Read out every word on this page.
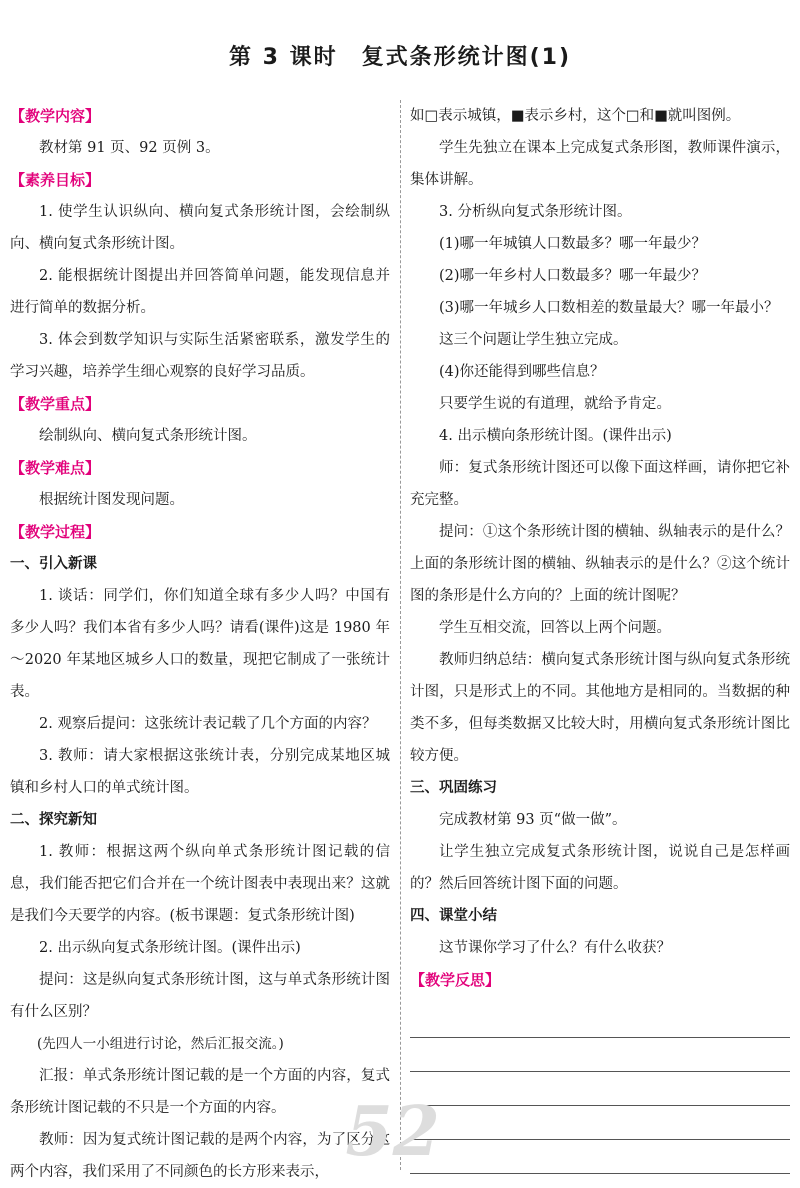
第 3 课时　复式条形统计图(1)
【教学内容】

教材第 91 页、92 页例 3。

【素养目标】

1. 使学生认识纵向、横向复式条形统计图，会绘制纵向、横向复式条形统计图。

2. 能根据统计图提出并回答简单问题，能发现信息并进行简单的数据分析。

3. 体会到数学知识与实际生活紧密联系，激发学生的学习兴趣，培养学生细心观察的良好学习品质。

【教学重点】

绘制纵向、横向复式条形统计图。

【教学难点】

根据统计图发现问题。

【教学过程】
一、引入新课

1. 谈话：同学们，你们知道全球有多少人吗？中国有多少人吗？我们本省有多少人吗？请看(课件)这是 1980 年～2020 年某地区城乡人口的数量，现把它制成了一张统计表。

2. 观察后提问：这张统计表记载了几个方面的内容？

3. 教师：请大家根据这张统计表，分别完成某地区城镇和乡村人口的单式统计图。

二、探究新知

1. 教师：根据这两个纵向单式条形统计图记载的信息，我们能否把它们合并在一个统计图表中表现出来？这就是我们今天要学的内容。(板书课题：复式条形统计图)

2. 出示纵向复式条形统计图。(课件出示)

提问：这是纵向复式条形统计图，这与单式条形统计图有什么区别？

(先四人一小组进行讨论，然后汇报交流。)

汇报：单式条形统计图记载的是一个方面的内容，复式条形统计图记载的不只是一个方面的内容。

教师：因为复式统计图记载的是两个内容，为了区分这两个内容，我们采用了不同颜色的长方形来表示，

如□表示城镇，■表示乡村，这个□和■就叫图例。

学生先独立在课本上完成复式条形图，教师课件演示，集体讲解。

3. 分析纵向复式条形统计图。

(1)哪一年城镇人口数最多？哪一年最少？

(2)哪一年乡村人口数最多？哪一年最少？

(3)哪一年城乡人口数相差的数量最大？哪一年最小？

这三个问题让学生独立完成。

(4)你还能得到哪些信息？

只要学生说的有道理，就给予肯定。

4. 出示横向条形统计图。(课件出示)

师：复式条形统计图还可以像下面这样画，请你把它补充完整。

提问：①这个条形统计图的横轴、纵轴表示的是什么？上面的条形统计图的横轴、纵轴表示的是什么？②这个统计图的条形是什么方向的？上面的统计图呢？

学生互相交流，回答以上两个问题。

教师归纳总结：横向复式条形统计图与纵向复式条形统计图，只是形式上的不同。其他地方是相同的。当数据的种类不多，但每类数据又比较大时，用横向复式条形统计图比较方便。

三、巩固练习

完成教材第 93 页“做一做”。

让学生独立完成复式条形统计图，说说自己是怎样画的？然后回答统计图下面的问题。

四、课堂小结

这节课你学习了什么？有什么收获？

【教学反思】
52
